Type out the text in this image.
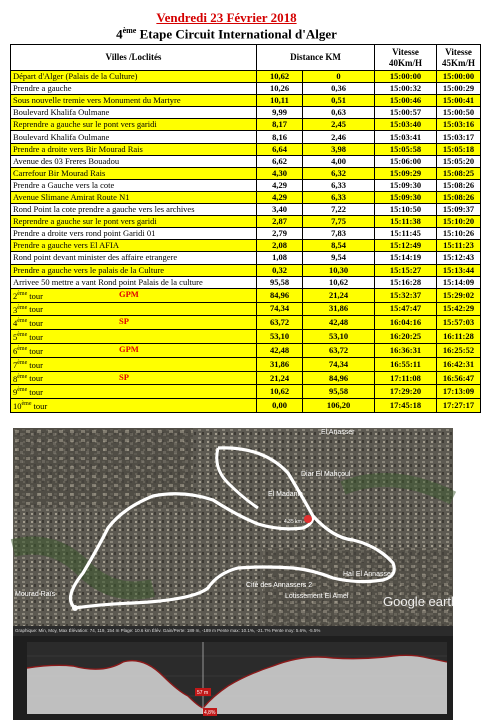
Vendredi 23 Février 2018
4ème Etape Circuit International d'Alger
Villes /Loclités	Distance KM		Vitesse 40Km/H	Vitesse 45Km/H
Départ d'Alger (Palais de la Culture)	10,62	0	15:00:00	15:00:00
Prendre a gauche	10,26	0,36	15:00:32	15:00:29
Sous nouvelle tremie vers Monument du Martyre	10,11	0,51	15:00:46	15:00:41
Boulevard Khalifa Oulmane	9,99	0,63	15:00:57	15:00:50
Reprendre a gauche sur le pont vers garidi	8,17	2,45	15:03:40	15:03:16
Boulevard Khalifa Oulmane	8,16	2,46	15:03:41	15:03:17
Prendre a droite vers Bir Mourad Rais	6,64	3,98	15:05:58	15:05:18
Avenue des 03 Freres Bouadou	6,62	4,00	15:06:00	15:05:20
Carrefour Bir Mourad Rais	4,30	6,32	15:09:29	15:08:25
Prendre a Gauche vers la cote	4,29	6,33	15:09:30	15:08:26
Avenue Slimane Amirat Route N1	4,29	6,33	15:09:30	15:08:26
Rond Point la cote prendre a gauche vers les archives	3,40	7,22	15:10:50	15:09:37
Reprendre a gauche sur le pont vers garidi	2,87	7,75	15:11:38	15:10:20
Prendre a droite vers rond point Garidi 01	2,79	7,83	15:11:45	15:10:26
Prendre a gauche vers El AFIA	2,08	8,54	15:12:49	15:11:23
Rond point devant minister des affaire etrangere	1,08	9,54	15:14:19	15:12:43
Prendre a gauche vers le palais de la Culture	0,32	10,30	15:15:27	15:13:44
Arrivee 50 mettre a vant Rond point Palais de la culture	95,58	10,62	15:16:28	15:14:09
2ème tour GPM	84,96	21,24	15:32:37	15:29:02
3ème tour	74,34	31,86	15:47:47	15:42:29
4ème tour SP	63,72	42,48	16:04:16	15:57:03
5ème tour	53,10	53,10	16:20:25	16:11:28
6ème tour GPM	42,48	63,72	16:36:31	16:25:52
7ème tour	31,86	74,34	16:55:11	16:42:31
8ème tour SP	21,24	84,96	17:11:08	16:56:47
9ème tour	10,62	95,58	17:29:20	17:13:09
10ème tour	0,00	106,20	17:45:18	17:27:17
El Anasser
Diar El Mahçoul
El Madania
4.35 km
Mourad Raïs
Cité des Annassers 2
Lotissement El Amel
Haï El Annasser
Google earth
Graphique: Min, Moy, Max Élévation: 74, 119, 154 m Plage: 10.6 km Élév. Gain/Perte: 189 m, -189 m Pente max: 10.1%, -21.7% Pente moy: 5.6%, -5.5%
57 m
4,8%
